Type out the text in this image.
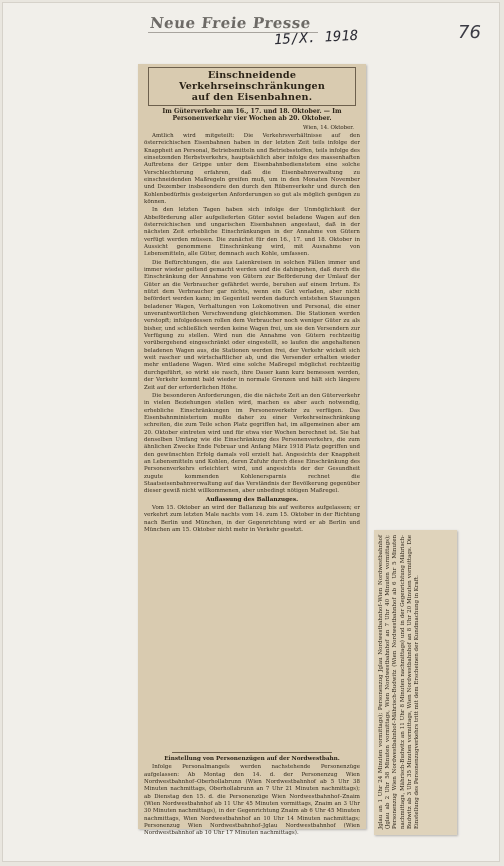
Neue Freie Presse
15/X. 1918	76
Einschneidende Verkehrseinschränkungen
auf den Eisenbahnen.
Im Güterverkehr am 16., 17. und 18. Oktober. — Im Personenverkehr vier Wochen ab 20. Oktober.
Wien, 14. Oktober.

Amtlich wird mitgeteilt: Die Verkehrsverhältnisse auf den österreichischen Eisenbahnen haben in der letzten Zeit teils infolge der Knappheit an Personal, Betriebsmitteln und Betriebsstoffen, teils infolge des einsetzenden Herbstverkehrs, hauptsächlich aber infolge des massenhaften Auftretens der Grippe unter dem Eisenbahnbedienstetem eine solche Verschlechterung erfahren, daß die Eisenbahnverwaltung zu einschneidenden Maßregeln greifen muß, um in den Monaten November und Dezember insbesondere den durch den Rübenverkehr und durch den Kohlenbedürfnis gesteigerten Anforderungen so gut als möglich genügen zu können.

In den letzten Tagen haben sich infolge der Unmöglichkeit der Abbeförderung aller aufgelieferten Güter soviel beladene Wagen auf den österreichischen und ungarischen Eisenbahnen angestaut, daß in der nächsten Zeit erhebliche Einschränkungen in der Annahme von Gütern verfügt werden müssen. Die zunächst für den 16., 17. und 18. Oktober in Aussicht genommene Einschränkung wird, mit Ausnahme von Lebensmitteln, alle Güter, demnach auch Kohle, umfassen.

Die Befürchtungen, die aus Laienkreisen in solchen Fällen immer und immer wieder geltend gemacht werden und die dahingehen, daß durch die Einschränkung der Annahme von Gütern zur Beförderung der Umlauf der Güter an die Verbraucher gefährdet werde, beruhen auf einem Irrtum. Es nützt dem Verbraucher gar nichts, wenn ein Gut verladen, aber nicht befördert werden kann; im Gegenteil werden dadurch entstehen Stauungen beladener Wagen, Verhaltungen von Lokomotiven und Personal, die einer unverantwortlichen Verschwendung gleichkommen. Die Stationen werden verstopft; infolgedessen rollen dem Verbraucher noch weniger Güter zu als bisher, und schließlich werden keine Wagen frei, um sie den Versendern zur Verfügung zu stellen. Wird nun die Annahme von Gütern rechtzeitig vorübergehend eingeschränkt oder eingestellt, so laufen die angehaltenen beladenen Wagen aus, die Stationen werden frei, der Verkehr wickelt sich weit rascher und wirtschaftlicher ab, und die Versender erhalten wieder mehr entladene Wagen. Wird eine solche Maßregel möglichst rechtzeitig durchgeführt, so wirkt sie rasch, ihre Dauer kann kurz bemessen werden, der Verkehr kommt bald wieder in normale Grenzen und hält sich längere Zeit auf der erforderlichen Höhe.

Die besonderen Anforderungen, die die nächste Zeit an den Güterverkehr in vielen Beziehungen stellen wird, machen es aber auch notwendig, erhebliche Einschränkungen im Personenverkehr zu verfügen. Das Eisenbahnministerium mußte daher zu einer Verkehrseinschränkung schreiten, die zum Teile schon Platz gegriffen hat, im allgemeinen aber am 20. Oktober eintreten wird und für etwa vier Wochen berechnet ist. Sie hat denselben Umfang wie die Einschränkung des Personenverkehrs, die zum ähnlichen Zwecke Ende Februar und Anfang März 1918 Platz gegriffen und den gewünschten Erfolg damals voll erzielt hat. Angesichts der Knappheit an Lebensmitteln und Kohlen, deren Zufuhr durch diese Einschränkung des Personenverkehrs erleichtert wird, und angesichts der der Gesundheit zugute kommenden Kohlenersparnis rechnet die Staatseisenbahnverwaltung auf das Verständnis der Bevölkerung gegenüber dieser gewiß nicht willkommenen, aber unbedingt nötigen Maßregel.

Auflassung des Ballanzuges.

Vom 15. Oktober an wird der Ballanzug bis auf weiteres aufgelassen; er verkehrt zum letzten Male nachts vom 14. zum 15. Oktober in der Richtung nach Berlin und München, in der Gegenrichtung wird er ab Berlin und München am 15. Oktober nicht mehr in Verkehr gesetzt.

Einstellung von Personenzügen auf der Nordwestbahn.

Infolge Personalmangels werden nachstehende Personenzüge aufgelassen: Ab Montag den 14. d. der Personenzug Wien Nordwestbahnhof–Oberhollabrunn (Wien Nordwestbahnhof ab 5 Uhr 38 Minuten nachmittags, Oberhollabrunn an 7 Uhr 21 Minuten nachmittags); ab Dienstag den 15. d. die Personenzüge Wien Nordwestbahnhof–Znaim (Wien Nordwestbahnhof ab 11 Uhr 45 Minuten vormittags, Znaim an 3 Uhr 30 Minuten nachmittags), in der Gegenrichtung Znaim ab 6 Uhr 45 Minuten nachmittags, Wien Nordwestbahnhof an 10 Uhr 14 Minuten nachmittags; Personenzug Wien Nordwestbahnhof–Jglau Nordwestbahnhof (Wien Nordwestbahnhof ab 10 Uhr 17 Minuten nachmittags).

Jglau an 1 Uhr 24 Minuten vormittags); Personenzug Jglau Nordwestbahnhof–Wien Nordwestbahnhof (Jglau ab 2 Uhr 58 Minuten vormittags, Wien Nordwestbahnhof an 7 Uhr 40 Minuten vormittags); Personenzug Wien Nordwestbahnhof–Mährisch-Budwitz (Wien Nordwestbahnhof ab 6 Uhr 5 Minuten nachmittags, Mährisch-Budwitz an 11 Uhr 8 Minuten nachmittags) und in der Gegenrichtung Mährisch-Budwitz ab 3 Uhr 35 Minuten vormittags, Wien Nordwestbahnhof an 8 Uhr 20 Minuten vormittags. Die Einstellung des Personenzugverkehrs tritt mit dem Erscheinen der Kundmachung in Kraft.
